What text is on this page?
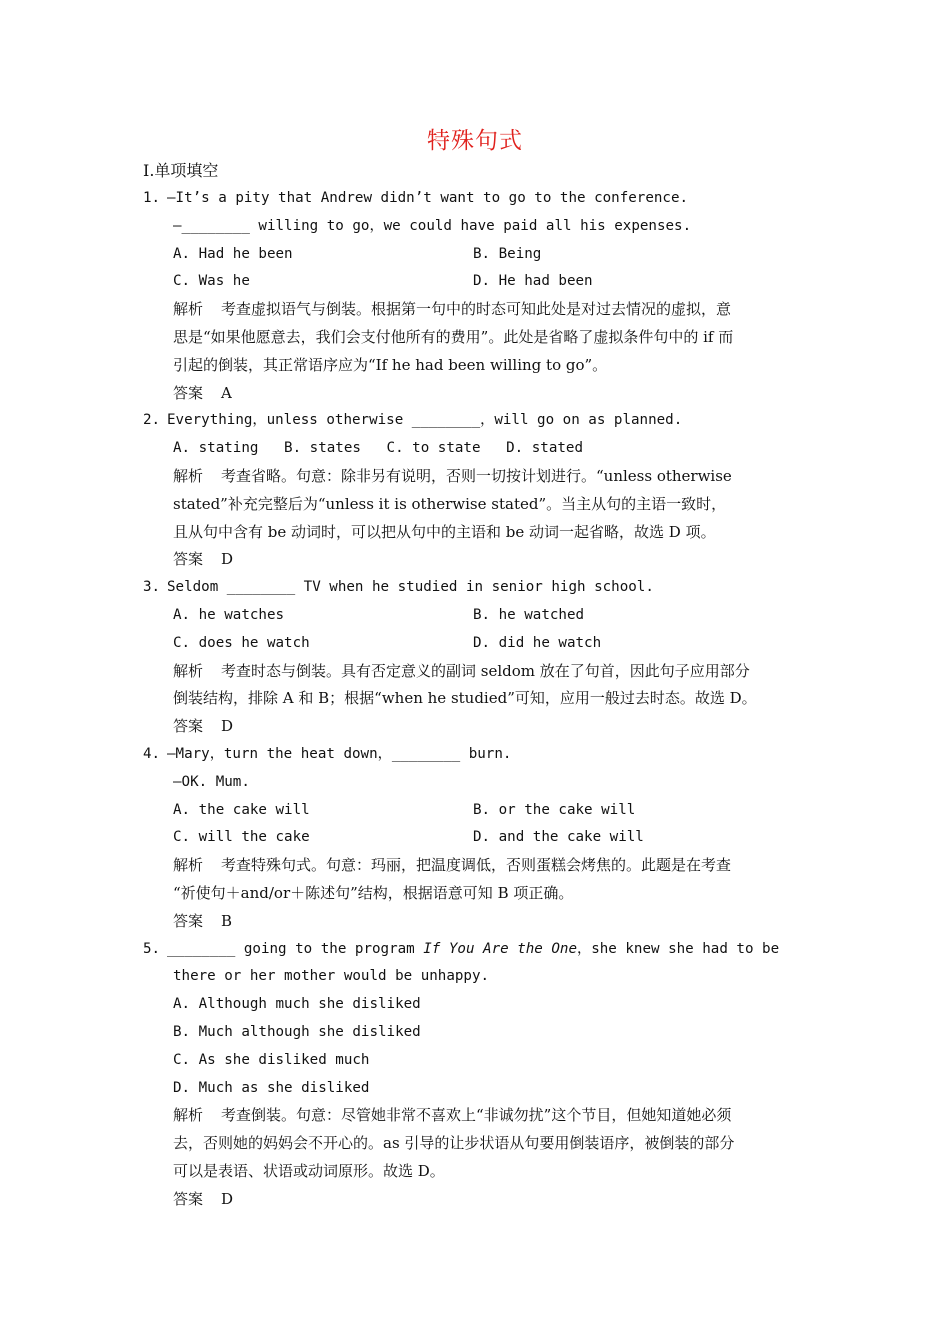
特殊句式
I.单项填空
1. —It’s a pity that Andrew didn’t want to go to the conference.
—________ willing to go，we could have paid all his expenses.
A. Had he been	B. Being
C. Was he	D. He had been
解析 考查虚拟语气与倒装。根据第一句中的时态可知此处是对过去情况的虚拟，意
思是“如果他愿意去，我们会支付他所有的费用”。此处是省略了虚拟条件句中的 if 而
引起的倒装，其正常语序应为“If he had been willing to go”。
答案 A
2. Everything，unless otherwise ________，will go on as planned.
A. stating   B. states   C. to state   D. stated
解析 考查省略。句意：除非另有说明，否则一切按计划进行。“unless otherwise
stated”补充完整后为“unless it is otherwise stated”。当主从句的主语一致时，
且从句中含有 be 动词时，可以把从句中的主语和 be 动词一起省略，故选 D 项。
答案 D
3. Seldom ________ TV when he studied in senior high school.
A. he watches	B. he watched
C. does he watch	D. did he watch
解析 考查时态与倒装。具有否定意义的副词 seldom 放在了句首，因此句子应用部分
倒装结构，排除 A 和 B；根据“when he studied”可知，应用一般过去时态。故选 D。
答案 D
4. —Mary，turn the heat down，________ burn.
—OK. Mum.
A. the cake will	B. or the cake will
C. will the cake	D. and the cake will
解析 考查特殊句式。句意：玛丽，把温度调低，否则蛋糕会烤焦的。此题是在考查
“祈使句＋and/or＋陈述句”结构，根据语意可知 B 项正确。
答案 B
5. ________ going to the program If You Are the One，she knew she had to be
there or her mother would be unhappy.
A. Although much she disliked
B. Much although she disliked
C. As she disliked much
D. Much as she disliked
解析 考查倒装。句意：尽管她非常不喜欢上“非诚勿扰”这个节目，但她知道她必须
去，否则她的妈妈会不开心的。as 引导的让步状语从句要用倒装语序，被倒装的部分
可以是表语、状语或动词原形。故选 D。
答案 D
